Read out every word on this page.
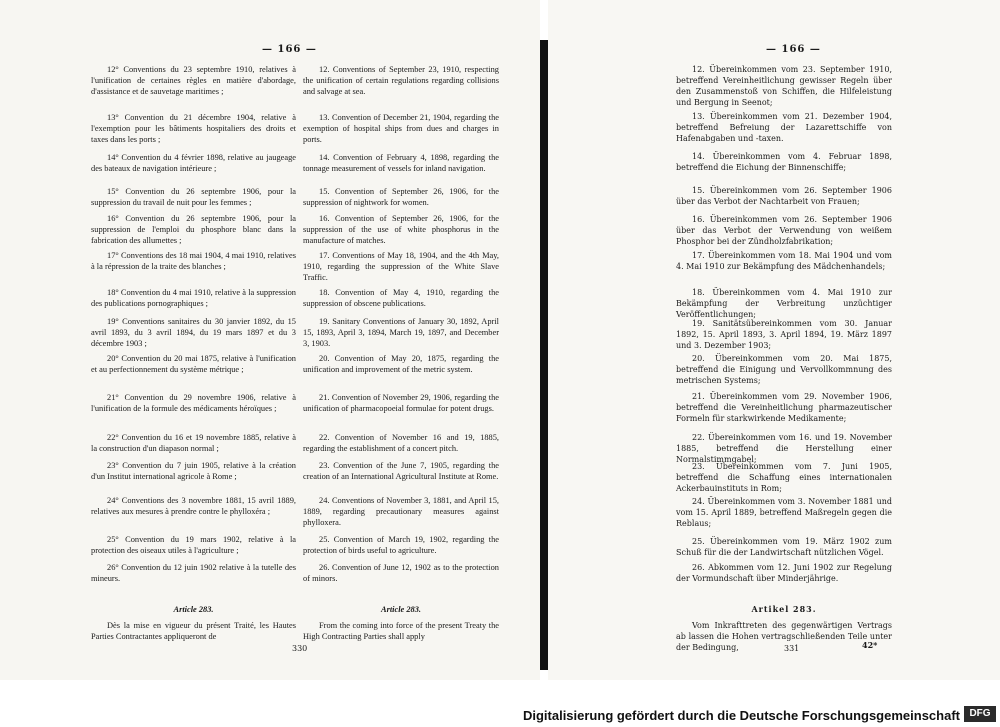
— 166 —	— 166 —
12° Conventions du 23 septembre 1910, relatives à l'unification de certaines règles en matière d'abordage, d'assistance et de sauvetage maritimes ;
13° Convention du 21 décembre 1904, relative à l'exemption pour les bâtiments hospitaliers des droits et taxes dans les ports ;
14° Convention du 4 février 1898, relative au jaugeage des bateaux de navigation intérieure ;
15° Convention du 26 septembre 1906, pour la suppression du travail de nuit pour les femmes ;
16° Convention du 26 septembre 1906, pour la suppression de l'emploi du phosphore blanc dans la fabrication des allumettes ;
17° Conventions des 18 mai 1904, 4 mai 1910, relatives à la répression de la traite des blanches ;
18° Convention du 4 mai 1910, relative à la suppression des publications pornographiques ;
19° Conventions sanitaires du 30 janvier 1892, du 15 avril 1893, du 3 avril 1894, du 19 mars 1897 et du 3 décembre 1903 ;
20° Convention du 20 mai 1875, relative à l'unification et au perfectionnement du système métrique ;
21° Convention du 29 novembre 1906, relative à l'unification de la formule des médicaments héroïques ;
22° Convention du 16 et 19 novembre 1885, relative à la construction d'un diapason normal ;
23° Convention du 7 juin 1905, relative à la création d'un Institut international agricole à Rome ;
24° Conventions des 3 novembre 1881, 15 avril 1889, relatives aux mesures à prendre contre le phylloxéra ;
25° Convention du 19 mars 1902, relative à la protection des oiseaux utiles à l'agriculture ;
26° Convention du 12 juin 1902 relative à la tutelle des mineurs.
Article 283.
Dès la mise en vigueur du présent Traité, les Hautes Parties Contractantes appliqueront de
12. Conventions of September 23, 1910, respecting the unification of certain regulations regarding collisions and salvage at sea.
13. Convention of December 21, 1904, regarding the exemption of hospital ships from dues and charges in ports.
14. Convention of February 4, 1898, regarding the tonnage measurement of vessels for inland navigation.
15. Convention of September 26, 1906, for the suppression of nightwork for women.
16. Convention of September 26, 1906, for the suppression of the use of white phosphorus in the manufacture of matches.
17. Conventions of May 18, 1904, and the 4th May, 1910, regarding the suppression of the White Slave Traffic.
18. Convention of May 4, 1910, regarding the suppression of obscene publications.
19. Sanitary Conventions of January 30, 1892, April 15, 1893, April 3, 1894, March 19, 1897, and December 3, 1903.
20. Convention of May 20, 1875, regarding the unification and improvement of the metric system.
21. Convention of November 29, 1906, regarding the unification of pharmacopoeial formulae for potent drugs.
22. Convention of November 16 and 19, 1885, regarding the establishment of a concert pitch.
23. Convention of the June 7, 1905, regarding the creation of an International Agricultural Institute at Rome.
24. Conventions of November 3, 1881, and April 15, 1889, regarding precautionary measures against phylloxera.
25. Convention of March 19, 1902, regarding the protection of birds useful to agriculture.
26. Convention of June 12, 1902 as to the protection of minors.
Article 283.
From the coming into force of the present Treaty the High Contracting Parties shall apply
330
12. Übereinkommen vom 23. September 1910, betreffend Vereinheitlichung gewisser Regeln über den Zusammenstoß von Schiffen, die Hilfeleistung und Bergung in Seenot;
13. Übereinkommen vom 21. Dezember 1904, betreffend Befreiung der Lazarettschiffe von Hafenabgaben und -taxen.
14. Übereinkommen vom 4. Februar 1898, betreffend die Eichung der Binnenschiffe;
15. Übereinkommen vom 26. September 1906 über das Verbot der Nachtarbeit von Frauen;
16. Übereinkommen vom 26. September 1906 über das Verbot der Verwendung von weißem Phosphor bei der Zündholzfabrikation;
17. Übereinkommen vom 18. Mai 1904 und vom 4. Mai 1910 zur Bekämpfung des Mädchenhandels;
18. Übereinkommen vom 4. Mai 1910 zur Bekämpfung der Verbreitung unzüchtiger Veröffentlichungen;
19. Sanitätsübereinkommen vom 30. Januar 1892, 15. April 1893, 3. April 1894, 19. März 1897 und 3. Dezember 1903;
20. Übereinkommen vom 20. Mai 1875, betreffend die Einigung und Vervollkommnung des metrischen Systems;
21. Übereinkommen vom 29. November 1906, betreffend die Vereinheitlichung pharmazeutischer Formeln für starkwirkende Medikamente;
22. Übereinkommen vom 16. und 19. November 1885, betreffend die Herstellung einer Normalstimmgabel;
23. Übereinkommen vom 7. Juni 1905, betreffend die Schaffung eines internationalen Ackerbauinstituts in Rom;
24. Übereinkommen vom 3. November 1881 und vom 15. April 1889, betreffend Maßregeln gegen die Reblaus;
25. Übereinkommen vom 19. März 1902 zum Schuß für die der Landwirtschaft nützlichen Vögel.
26. Abkommen vom 12. Juni 1902 zur Regelung der Vormundschaft über Minderjährige.
Artikel 283.
Vom Inkrafttreten des gegenwärtigen Vertrags ab lassen die Hohen vertragschließenden Teile unter der Bedingung,	331	42*
Digitalisierung gefördert durch die Deutsche Forschungsgemeinschaft DFG
